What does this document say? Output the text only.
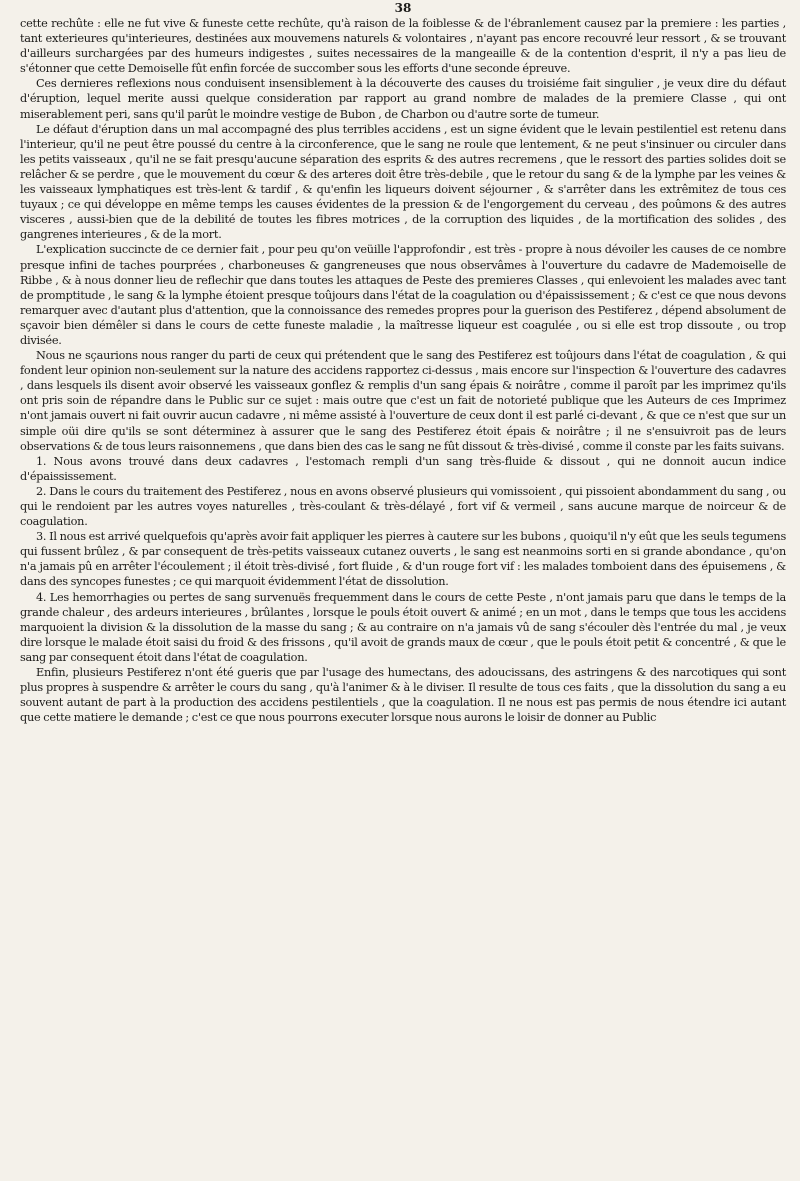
38

cette rechûte : elle ne fut vive & funeste cette rechûte, qu'à raison de la foiblesse & de l'ébranlement causez par la premiere : les parties , tant exterieures qu'interieures, destinées aux mouvemens naturels & volontaires , n'ayant pas encore recouvré leur ressort , & se trouvant d'ailleurs surchargées par des humeurs indigestes , suites necessaires de la mangeaille & de la contention d'esprit, il n'y a pas lieu de s'étonner que cette Demoiselle fût enfin forcée de succomber sous les efforts d'une seconde épreuve.

Ces dernieres reflexions nous conduisent insensiblement à la découverte des causes du troisiéme fait singulier , je veux dire du défaut d'éruption, lequel merite aussi quelque consideration par rapport au grand nombre de malades de la premiere Classe , qui ont miserablement peri, sans qu'il parût le moindre vestige de Bubon , de Charbon ou d'autre sorte de tumeur.

Le défaut d'éruption dans un mal accompagné des plus terribles accidens , est un signe évident que le levain pestilentiel est retenu dans l'interieur, qu'il ne peut être poussé du centre à la circonference, que le sang ne roule que lentement, & ne peut s'insinuer ou circuler dans les petits vaisseaux , qu'il ne se fait presqu'aucune séparation des esprits & des autres recremens , que le ressort des parties solides doit se relâcher & se perdre , que le mouvement du cœur & des arteres doit être très-debile , que le retour du sang & de la lymphe par les veines & les vaisseaux lymphatiques est très-lent & tardif , & qu'enfin les liqueurs doivent séjourner , & s'arrêter dans les extrêmitez de tous ces tuyaux ; ce qui développe en même temps les causes évidentes de la pression & de l'engorgement du cerveau , des poûmons & des autres visceres , aussi-bien que de la debilité de toutes les fibres motrices , de la corruption des liquides , de la mortification des solides , des gangrenes interieures , & de la mort.

L'explication succincte de ce dernier fait , pour peu qu'on veüille l'approfondir , est très - propre à nous dévoiler les causes de ce nombre presque infini de taches pourprées , charboneuses & gangreneuses que nous observâmes à l'ouverture du cadavre de Mademoiselle de Ribbe , & à nous donner lieu de reflechir que dans toutes les attaques de Peste des premieres Classes , qui enlevoient les malades avec tant de promptitude , le sang & la lymphe étoient presque toûjours dans l'état de la coagulation ou d'épaississement ; & c'est ce que nous devons remarquer avec d'autant plus d'attention, que la connoissance des remedes propres pour la guerison des Pestiferez , dépend absolument de sçavoir bien démêler si dans le cours de cette funeste maladie , la maîtresse liqueur est coagulée , ou si elle est trop dissoute , ou trop divisée.

Nous ne sçaurions nous ranger du parti de ceux qui prétendent que le sang des Pestiferez est toûjours dans l'état de coagulation , & qui fondent leur opinion non-seulement sur la nature des accidens rapportez ci-dessus , mais encore sur l'inspection & l'ouverture des cadavres , dans lesquels ils disent avoir observé les vaisseaux gonflez & remplis d'un sang épais & noirâtre , comme il paroît par les imprimez qu'ils ont pris soin de répandre dans le Public sur ce sujet : mais outre que c'est un fait de notorieté publique que les Auteurs de ces Imprimez n'ont jamais ouvert ni fait ouvrir aucun cadavre , ni même assisté à l'ouverture de ceux dont il est parlé ci-devant , & que ce n'est que sur un simple oüi dire qu'ils se sont déterminez à assurer que le sang des Pestiferez étoit épais & noirâtre ; il ne s'ensuivroit pas de leurs observations & de tous leurs raisonnemens , que dans bien des cas le sang ne fût dissout & très-divisé , comme il conste par les faits suivans.

1. Nous avons trouvé dans deux cadavres , l'estomach rempli d'un sang très-fluide & dissout , qui ne donnoit aucun indice d'épaississement.

2. Dans le cours du traitement des Pestiferez , nous en avons observé plusieurs qui vomissoient , qui pissoient abondamment du sang , ou qui le rendoient par les autres voyes naturelles , très-coulant & très-délayé , fort vif & vermeil , sans aucune marque de noirceur & de coagulation.

3. Il nous est arrivé quelquefois qu'après avoir fait appliquer les pierres à cautere sur les bubons , quoiqu'il n'y eût que les seuls tegumens qui fussent brûlez , & par consequent de très-petits vaisseaux cutanez ouverts , le sang est neanmoins sorti en si grande abondance , qu'on n'a jamais pû en arrêter l'écoulement ; il étoit très-divisé , fort fluide , & d'un rouge fort vif : les malades tomboient dans des épuisemens , & dans des syncopes funestes ; ce qui marquoit évidemment l'état de dissolution.

4. Les hemorrhagies ou pertes de sang survenuës frequemment dans le cours de cette Peste , n'ont jamais paru que dans le temps de la grande chaleur , des ardeurs interieures , brûlantes , lorsque le pouls étoit ouvert & animé ; en un mot , dans le temps que tous les accidens marquoient la division & la dissolution de la masse du sang ; & au contraire on n'a jamais vû de sang s'écouler dès l'entrée du mal , je veux dire lorsque le malade étoit saisi du froid & des frissons , qu'il avoit de grands maux de cœur , que le pouls étoit petit & concentré , & que le sang par consequent étoit dans l'état de coagulation.

Enfin, plusieurs Pestiferez n'ont été gueris que par l'usage des humectans, des adoucissans, des astringens & des narcotiques qui sont plus propres à suspendre & arrêter le cours du sang , qu'à l'animer & à le diviser. Il resulte de tous ces faits , que la dissolution du sang a eu souvent autant de part à la production des accidens pestilentiels , que la coagulation. Il ne nous est pas permis de nous étendre ici autant que cette matiere le demande ; c'est ce que nous pourrons executer lorsque nous aurons le loisir de donner au Public
